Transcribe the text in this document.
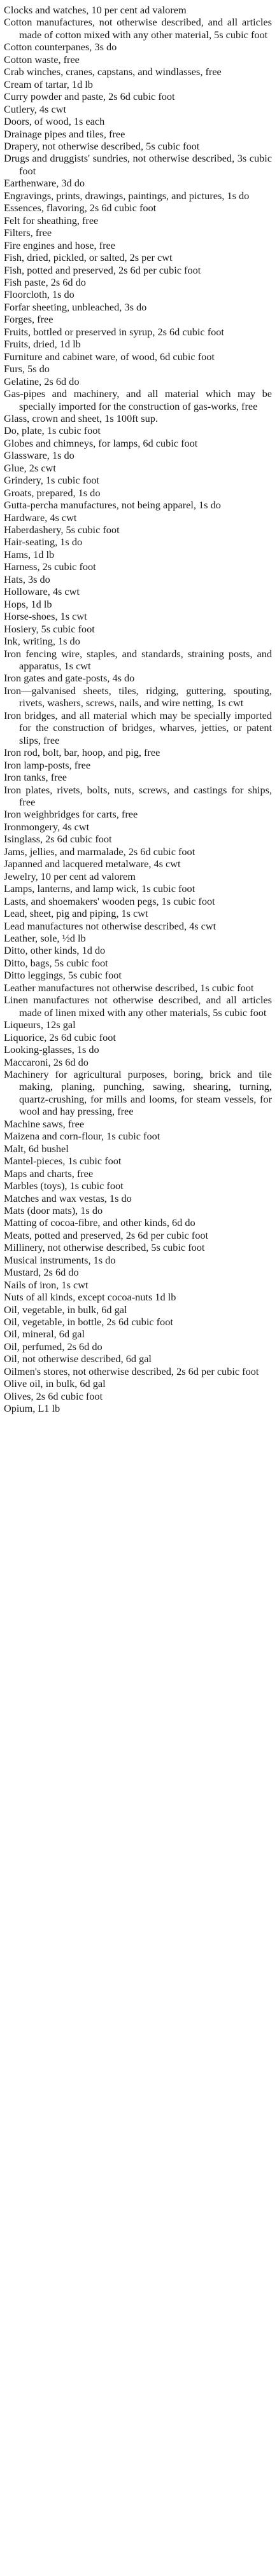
Clocks and watches, 10 per cent ad valorem

Cotton manufactures, not otherwise described, and all articles made of cotton mixed with any other material, 5s cubic foot

Cotton counterpanes, 3s do

Cotton waste, free

Crab winches, cranes, capstans, and windlasses, free

Cream of tartar, 1d lb

Curry powder and paste, 2s 6d cubic foot

Cutlery, 4s cwt

Doors, of wood, 1s each

Drainage pipes and tiles, free

Drapery, not otherwise described, 5s cubic foot

Drugs and druggists' sundries, not otherwise described, 3s cubic foot

Earthenware, 3d do

Engravings, prints, drawings, paintings, and pictures, 1s do

Essences, flavoring, 2s 6d cubic foot

Felt for sheathing, free

Filters, free

Fire engines and hose, free

Fish, dried, pickled, or salted, 2s per cwt

Fish, potted and preserved, 2s 6d per cubic foot

Fish paste, 2s 6d do

Floorcloth, 1s do

Forfar sheeting, unbleached, 3s do

Forges, free

Fruits, bottled or preserved in syrup, 2s 6d cubic foot

Fruits, dried, 1d lb

Furniture and cabinet ware, of wood, 6d cubic foot

Furs, 5s do

Gelatine, 2s 6d do

Gas-pipes and machinery, and all material which may be specially imported for the construction of gas-works, free

Glass, crown and sheet, 1s 100ft sup.

Do, plate, 1s cubic foot

Globes and chimneys, for lamps, 6d cubic foot

Glassware, 1s do

Glue, 2s cwt

Grindery, 1s cubic foot

Groats, prepared, 1s do

Gutta-percha manufactures, not being apparel, 1s do

Hardware, 4s cwt

Haberdashery, 5s cubic foot

Hair-seating, 1s do

Hams, 1d lb

Harness, 2s cubic foot

Hats, 3s do

Holloware, 4s cwt

Hops, 1d lb

Horse-shoes, 1s cwt

Hosiery, 5s cubic foot

Ink, writing, 1s do

Iron fencing wire, staples, and standards, straining posts, and apparatus, 1s cwt

Iron gates and gate-posts, 4s do

Iron—galvanised sheets, tiles, ridging, guttering, spouting, rivets, washers, screws, nails, and wire netting, 1s cwt

Iron bridges, and all material which may be specially imported for the construction of bridges, wharves, jetties, or patent slips, free

Iron rod, bolt, bar, hoop, and pig, free

Iron lamp-posts, free

Iron tanks, free

Iron plates, rivets, bolts, nuts, screws, and castings for ships, free

Iron weighbridges for carts, free

Ironmongery, 4s cwt

Isinglass, 2s 6d cubic foot

Jams, jellies, and marmalade, 2s 6d cubic foot

Japanned and lacquered metalware, 4s cwt

Jewelry, 10 per cent ad valorem

Lamps, lanterns, and lamp wick, 1s cubic foot

Lasts, and shoemakers' wooden pegs, 1s cubic foot

Lead, sheet, pig and piping, 1s cwt

Lead manufactures not otherwise described, 4s cwt

Leather, sole, ½d lb

Ditto, other kinds, 1d do

Ditto, bags, 5s cubic foot

Ditto leggings, 5s cubic foot

Leather manufactures not otherwise described, 1s cubic foot

Linen manufactures not otherwise described, and all articles made of linen mixed with any other materials, 5s cubic foot

Liqueurs, 12s gal

Liquorice, 2s 6d cubic foot

Looking-glasses, 1s do

Maccaroni, 2s 6d do

Machinery for agricultural purposes, boring, brick and tile making, planing, punching, sawing, shearing, turning, quartz-crushing, for mills and looms, for steam vessels, for wool and hay pressing, free

Machine saws, free

Maizena and corn-flour, 1s cubic foot

Malt, 6d bushel

Mantel-pieces, 1s cubic foot

Maps and charts, free

Marbles (toys), 1s cubic foot

Matches and wax vestas, 1s do

Mats (door mats), 1s do

Matting of cocoa-fibre, and other kinds, 6d do

Meats, potted and preserved, 2s 6d per cubic foot

Millinery, not otherwise described, 5s cubic foot

Musical instruments, 1s do

Mustard, 2s 6d do

Nails of iron, 1s cwt

Nuts of all kinds, except cocoa-nuts 1d lb

Oil, vegetable, in bulk, 6d gal

Oil, vegetable, in bottle, 2s 6d cubic foot

Oil, mineral, 6d gal

Oil, perfumed, 2s 6d do

Oil, not otherwise described, 6d gal

Oilmen's stores, not otherwise described, 2s 6d per cubic foot

Olive oil, in bulk, 6d gal

Olives, 2s 6d cubic foot

Opium, L1 lb
